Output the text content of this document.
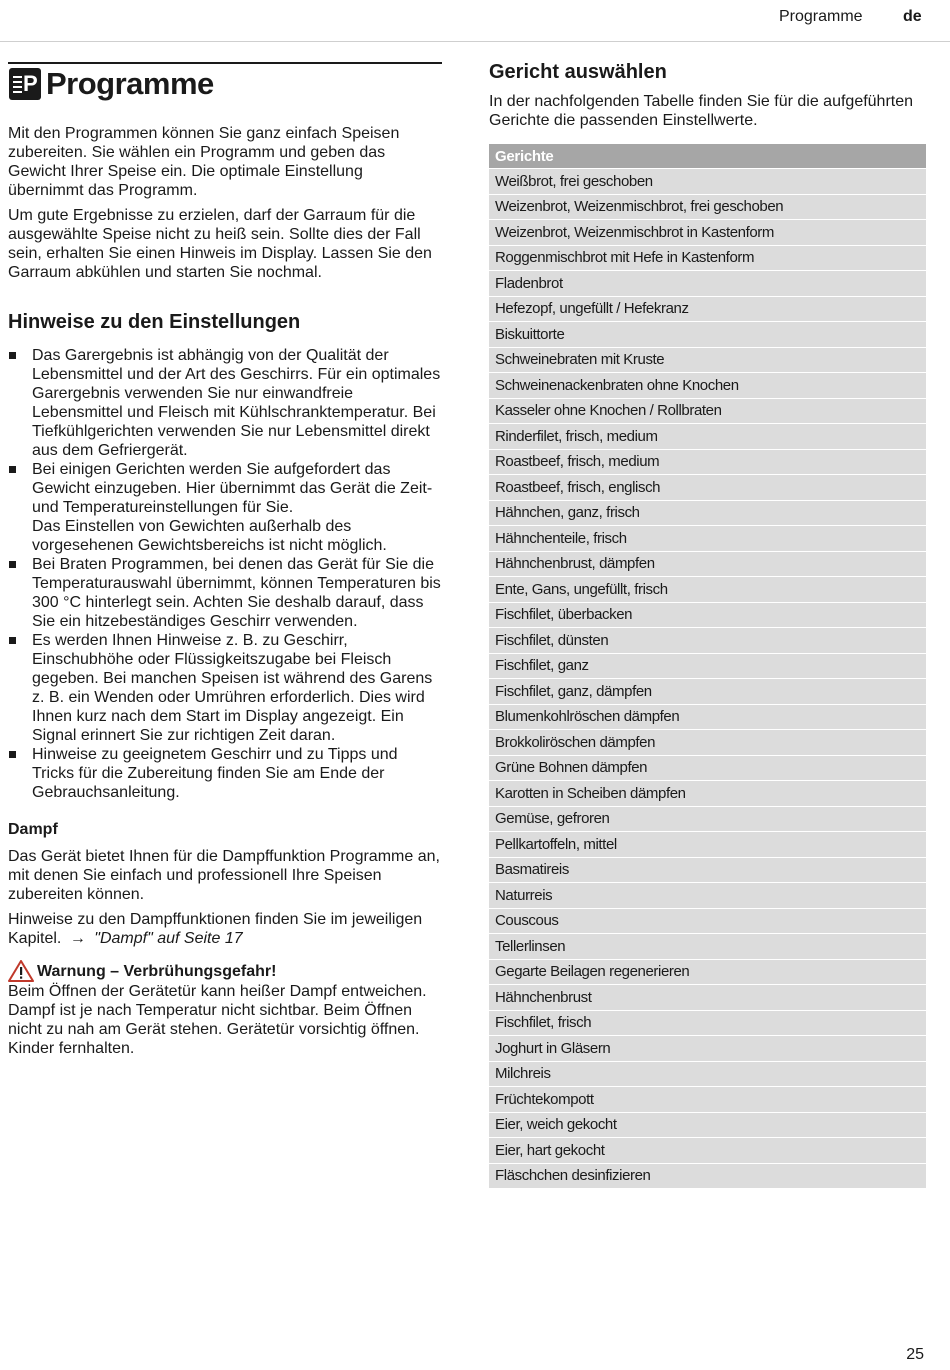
Programme	de
P Programme

Mit den Programmen können Sie ganz einfach Speisen zubereiten. Sie wählen ein Programm und geben das Gewicht Ihrer Speise ein. Die optimale Einstellung übernimmt das Programm.

Um gute Ergebnisse zu erzielen, darf der Garraum für die ausgewählte Speise nicht zu heiß sein. Sollte dies der Fall sein, erhalten Sie einen Hinweis im Display. Lassen Sie den Garraum abkühlen und starten Sie nochmal.

Hinweise zu den Einstellungen
Das Garergebnis ist abhängig von der Qualität der Lebensmittel und der Art des Geschirrs. Für ein optimales Garergebnis verwenden Sie nur einwandfreie Lebensmittel und Fleisch mit Kühlschranktemperatur. Bei Tiefkühlgerichten verwenden Sie nur Lebensmittel direkt aus dem Gefriergerät.
Bei einigen Gerichten werden Sie aufgefordert das Gewicht einzugeben. Hier übernimmt das Gerät die Zeit- und Temperatureinstellungen für Sie.
Das Einstellen von Gewichten außerhalb des vorgesehenen Gewichtsbereichs ist nicht möglich.
Bei Braten Programmen, bei denen das Gerät für Sie die Temperaturauswahl übernimmt, können Temperaturen bis 300 °C hinterlegt sein. Achten Sie deshalb darauf, dass Sie ein hitzebeständiges Geschirr verwenden.
Es werden Ihnen Hinweise z. B. zu Geschirr, Einschubhöhe oder Flüssigkeitszugabe bei Fleisch gegeben. Bei manchen Speisen ist während des Garens z. B. ein Wenden oder Umrühren erforderlich. Dies wird Ihnen kurz nach dem Start im Display angezeigt. Ein Signal erinnert Sie zur richtigen Zeit daran.
Hinweise zu geeignetem Geschirr und zu Tipps und Tricks für die Zubereitung finden Sie am Ende der Gebrauchsanleitung.
Dampf

Das Gerät bietet Ihnen für die Dampffunktion Programme an, mit denen Sie einfach und professionell Ihre Speisen zubereiten können.

Hinweise zu den Dampffunktionen finden Sie im jeweiligen Kapitel. → "Dampf" auf Seite 17

Warnung – Verbrühungsgefahr!

Beim Öffnen der Gerätetür kann heißer Dampf entweichen. Dampf ist je nach Temperatur nicht sichtbar. Beim Öffnen nicht zu nah am Gerät stehen. Gerätetür vorsichtig öffnen. Kinder fernhalten.

Gericht auswählen

In der nachfolgenden Tabelle finden Sie für die aufgeführten Gerichte die passenden Einstellwerte.

Gerichte
Weißbrot, frei geschoben
Weizenbrot, Weizenmischbrot, frei geschoben
Weizenbrot, Weizenmischbrot in Kastenform
Roggenmischbrot mit Hefe in Kastenform
Fladenbrot
Hefezopf, ungefüllt / Hefekranz
Biskuittorte
Schweinebraten mit Kruste
Schweinenackenbraten ohne Knochen
Kasseler ohne Knochen / Rollbraten
Rinderfilet, frisch, medium
Roastbeef, frisch, medium
Roastbeef, frisch, englisch
Hähnchen, ganz, frisch
Hähnchenteile, frisch
Hähnchenbrust, dämpfen
Ente, Gans, ungefüllt, frisch
Fischfilet, überbacken
Fischfilet, dünsten
Fischfilet, ganz
Fischfilet, ganz, dämpfen
Blumenkohlröschen dämpfen
Brokkoliröschen dämpfen
Grüne Bohnen dämpfen
Karotten in Scheiben dämpfen
Gemüse, gefroren
Pellkartoffeln, mittel
Basmatireis
Naturreis
Couscous
Tellerlinsen
Gegarte Beilagen regenerieren
Hähnchenbrust
Fischfilet, frisch
Joghurt in Gläsern
Milchreis
Früchtekompott
Eier, weich gekocht
Eier, hart gekocht
Fläschchen desinfizieren
25
